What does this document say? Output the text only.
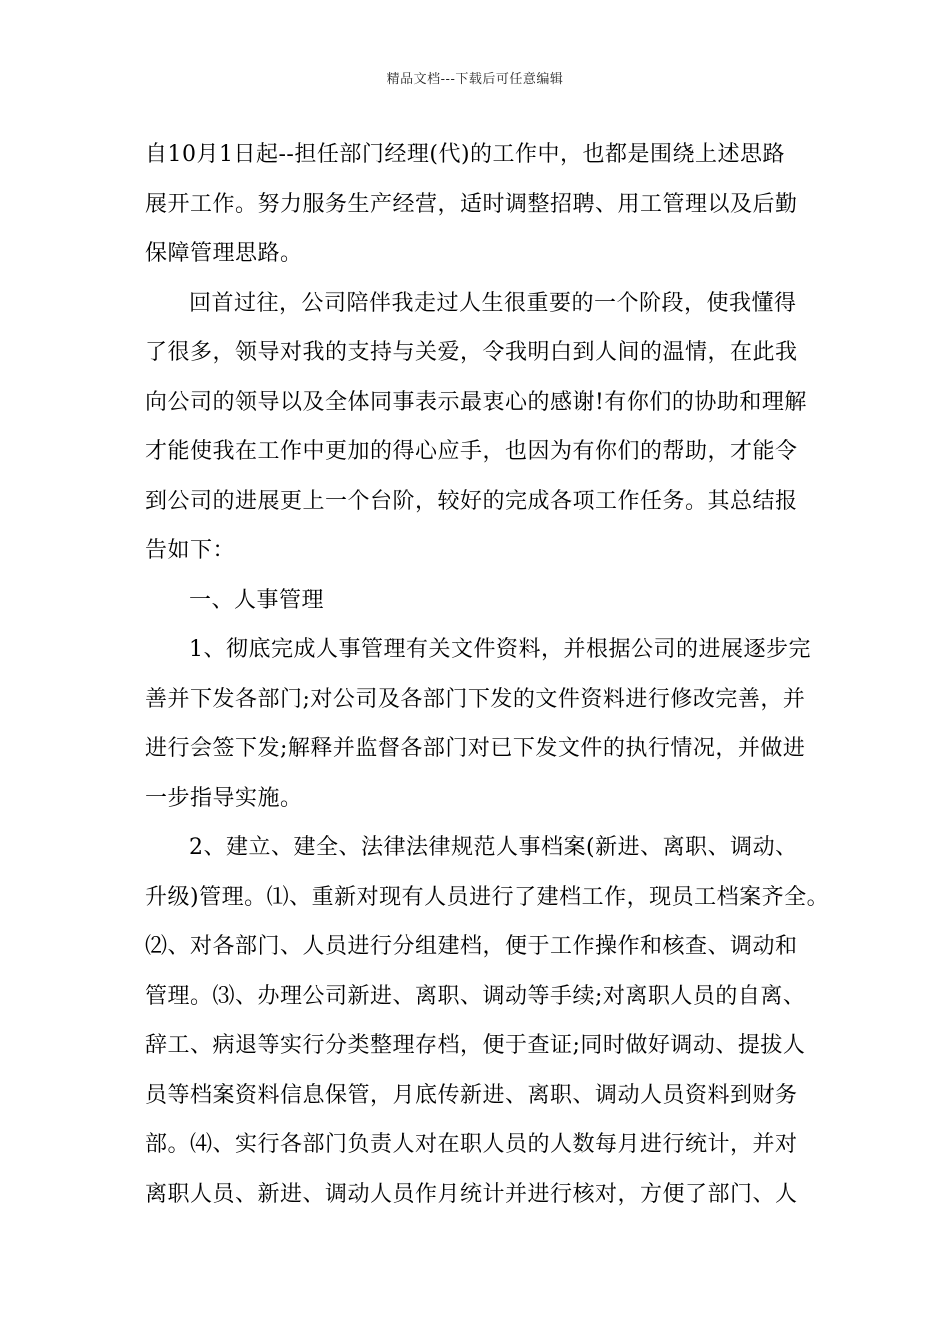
精品文档---下载后可任意编辑
自10月1日起--担任部门经理(代)的工作中，也都是围绕上述思路
展开工作。努力服务生产经营，适时调整招聘、用工管理以及后勤
保障管理思路。
回首过往，公司陪伴我走过人生很重要的一个阶段，使我懂得
了很多，领导对我的支持与关爱，令我明白到人间的温情，在此我
向公司的领导以及全体同事表示最衷心的感谢!有你们的协助和理解
才能使我在工作中更加的得心应手，也因为有你们的帮助，才能令
到公司的进展更上一个台阶，较好的完成各项工作任务。其总结报
告如下：
一、人事管理
1、彻底完成人事管理有关文件资料，并根据公司的进展逐步完
善并下发各部门;对公司及各部门下发的文件资料进行修改完善，并
进行会签下发;解释并监督各部门对已下发文件的执行情况，并做进
一步指导实施。
2、建立、建全、法律法律规范人事档案(新进、离职、调动、
升级)管理。⑴、重新对现有人员进行了建档工作，现员工档案齐全。
⑵、对各部门、人员进行分组建档，便于工作操作和核查、调动和
管理。⑶、办理公司新进、离职、调动等手续;对离职人员的自离、
辞工、病退等实行分类整理存档，便于查证;同时做好调动、提拔人
员等档案资料信息保管，月底传新进、离职、调动人员资料到财务
部。⑷、实行各部门负责人对在职人员的人数每月进行统计，并对
离职人员、新进、调动人员作月统计并进行核对，方便了部门、人
